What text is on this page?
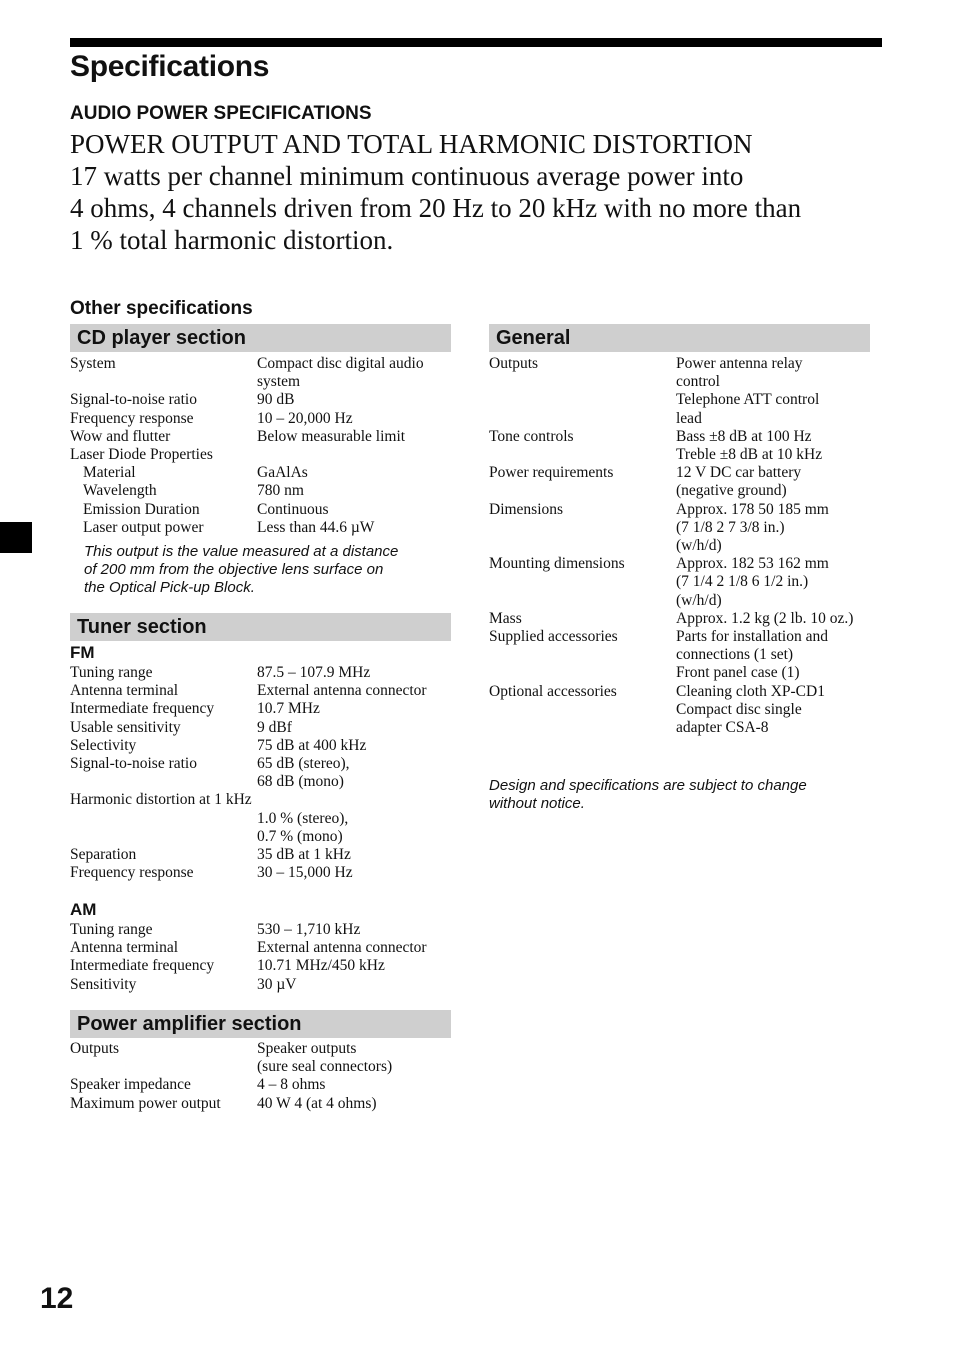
Specifications
AUDIO POWER SPECIFICATIONS
POWER OUTPUT AND TOTAL HARMONIC DISTORTION
17 watts per channel minimum continuous average power into
4 ohms, 4 channels driven from 20 Hz to 20 kHz with no more than
1 % total harmonic distortion.
Other specifications
CD player section
System	Compact disc digital audio
system
Signal-to-noise ratio	90 dB
Frequency response	10 – 20,000 Hz
Wow and flutter	Below measurable limit
Laser Diode Properties
Material	GaAlAs
Wavelength	780 nm
Emission Duration	Continuous
Laser output power	Less than 44.6 µW
This output is the value measured at a distance
of 200 mm from the objective lens surface on
the Optical Pick-up Block.
Tuner section
FM
Tuning range	87.5 – 107.9 MHz
Antenna terminal	External antenna connector
Intermediate frequency	10.7 MHz
Usable sensitivity	9 dBf
Selectivity	75 dB at 400 kHz
Signal-to-noise ratio	65 dB (stereo),
68 dB (mono)
Harmonic distortion at 1 kHz
1.0 % (stereo),
0.7 % (mono)
Separation	35 dB at 1 kHz
Frequency response	30 – 15,000 Hz
AM
Tuning range	530 – 1,710 kHz
Antenna terminal	External antenna connector
Intermediate frequency	10.71 MHz/450 kHz
Sensitivity	30 µV
Power amplifier section
Outputs	Speaker outputs
(sure seal connectors)
Speaker impedance	4 – 8 ohms
Maximum power output	40 W 4 (at 4 ohms)
General
Outputs	Power antenna relay
control
Telephone ATT control
lead
Tone controls	Bass ±8 dB at 100 Hz
Treble ±8 dB at 10 kHz
Power requirements	12 V DC car battery
(negative ground)
Dimensions	Approx. 178 50 185 mm
(7 1/8 2 7 3/8 in.)
(w/h/d)
Mounting dimensions	Approx. 182 53 162 mm
(7 1/4 2 1/8 6 1/2 in.)
(w/h/d)
Mass	Approx. 1.2 kg (2 lb. 10 oz.)
Supplied accessories	Parts for installation and
connections (1 set)
Front panel case (1)
Optional accessories	Cleaning cloth XP-CD1
Compact disc single
adapter CSA-8
Design and specifications are subject to change
without notice.
12
